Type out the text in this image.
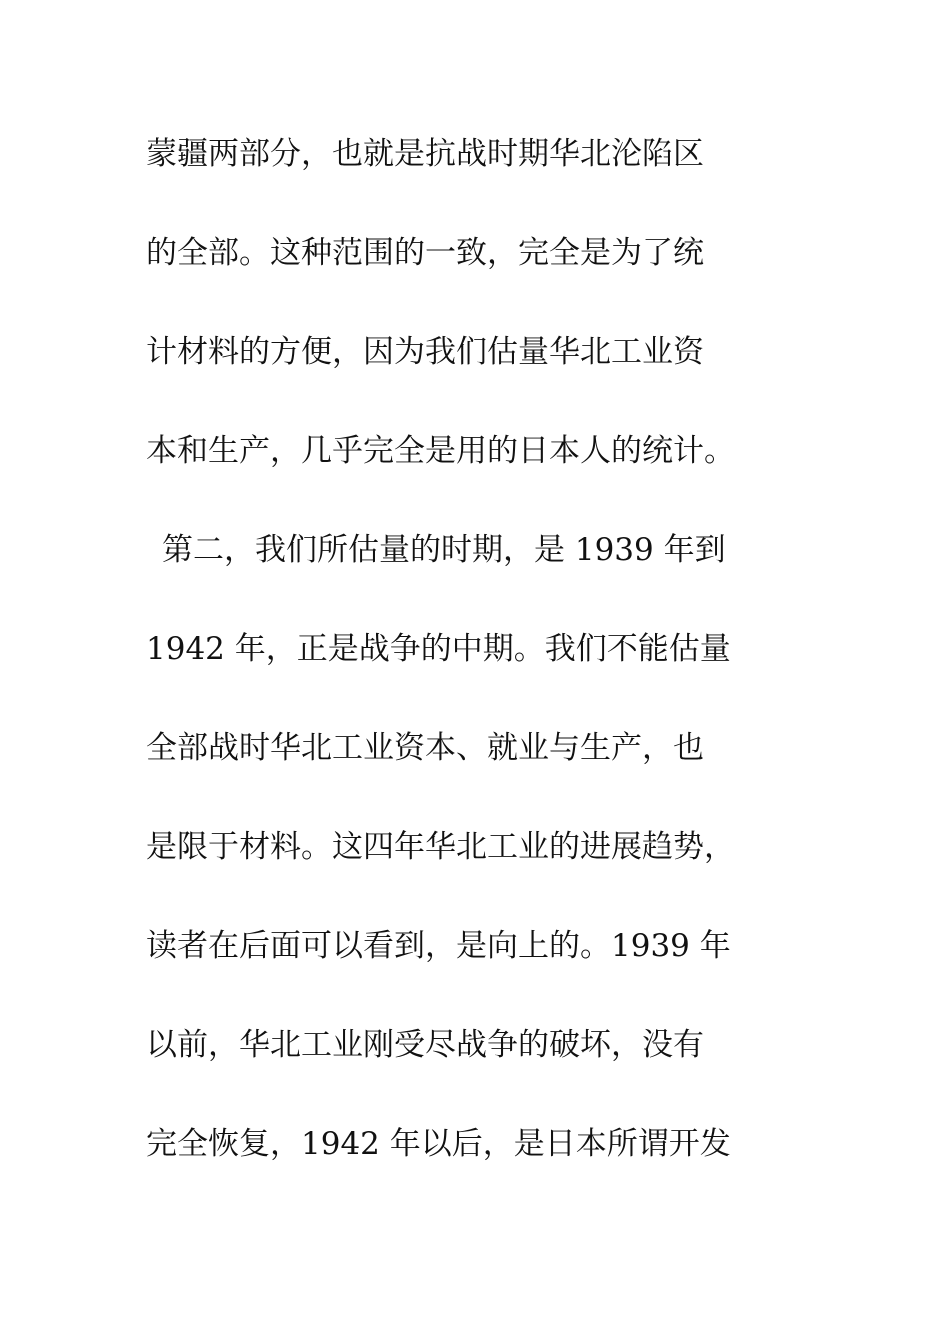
蒙疆两部分，也就是抗战时期华北沦陷区
的全部。这种范围的一致，完全是为了统
计材料的方便，因为我们估量华北工业资
本和生产，几乎完全是用的日本人的统计。
第二，我们所估量的时期，是 1939 年到
1942 年，正是战争的中期。我们不能估量
全部战时华北工业资本、就业与生产，也
是限于材料。这四年华北工业的进展趋势，
读者在后面可以看到，是向上的。1939 年
以前，华北工业刚受尽战争的破坏，没有
完全恢复，1942 年以后，是日本所谓开发
